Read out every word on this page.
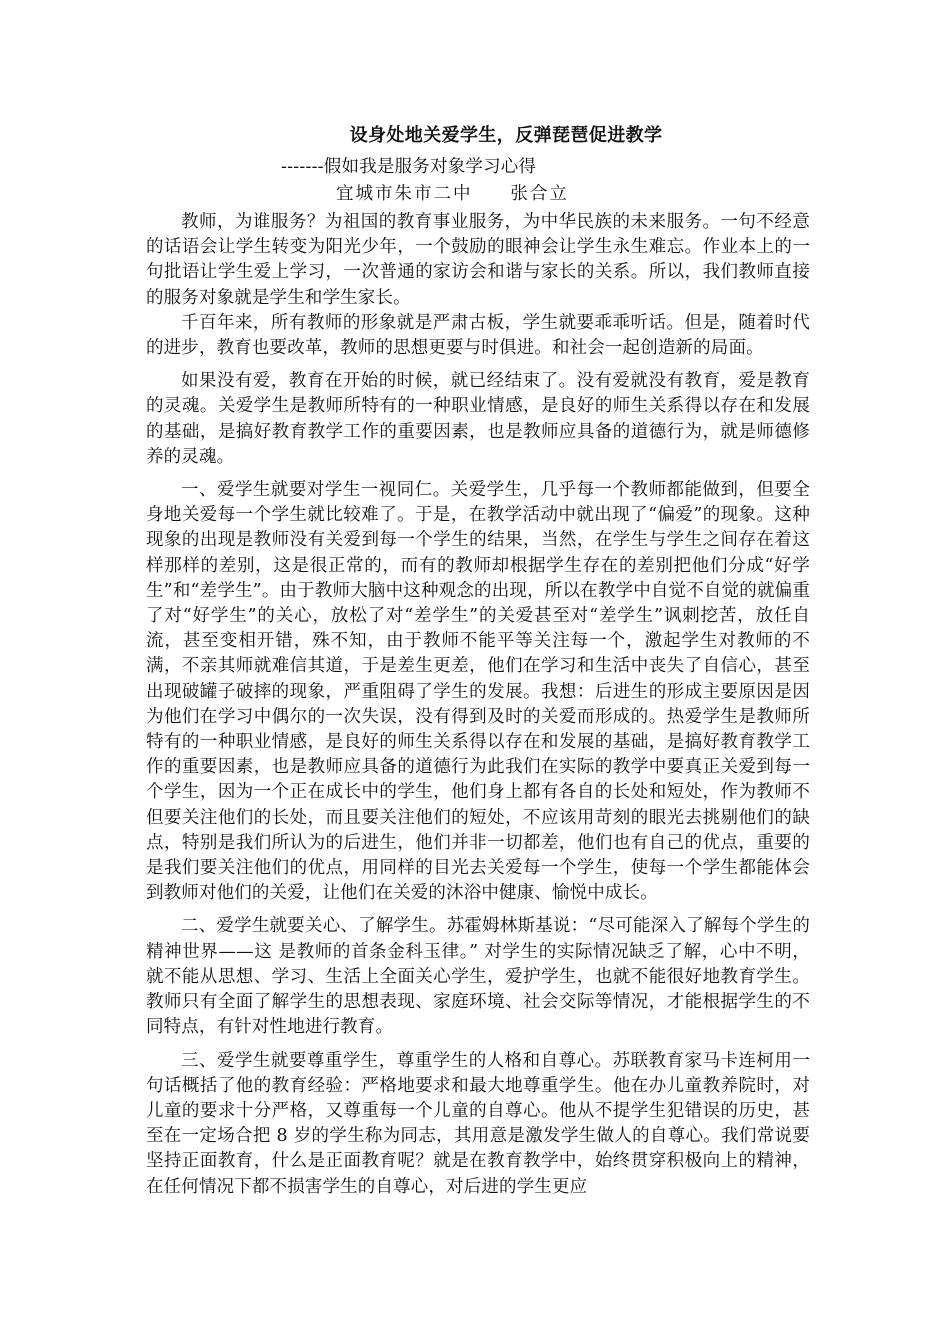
设身处地关爱学生，反弹琵琶促进教学

-------假如我是服务对象学习心得

宜城市朱市二中     张合立

教师，为谁服务？为祖国的教育事业服务，为中华民族的未来服务。一句不经意的话语会让学生转变为阳光少年，一个鼓励的眼神会让学生永生难忘。作业本上的一句批语让学生爱上学习，一次普通的家访会和谐与家长的关系。所以，我们教师直接的服务对象就是学生和学生家长。

千百年来，所有教师的形象就是严肃古板，学生就要乖乖听话。但是，随着时代的进步，教育也要改革，教师的思想更要与时俱进。和社会一起创造新的局面。

如果没有爱，教育在开始的时候，就已经结束了。没有爱就没有教育，爱是教育的灵魂。关爱学生是教师所特有的一种职业情感，是良好的师生关系得以存在和发展的基础，是搞好教育教学工作的重要因素，也是教师应具备的道德行为，就是师德修养的灵魂。

一、爱学生就要对学生一视同仁。关爱学生，几乎每一个教师都能做到，但要全身地关爱每一个学生就比较难了。于是，在教学活动中就出现了“偏爱”的现象。这种现象的出现是教师没有关爱到每一个学生的结果，当然，在学生与学生之间存在着这样那样的差别，这是很正常的，而有的教师却根据学生存在的差别把他们分成“好学生”和“差学生”。由于教师大脑中这种观念的出现，所以在教学中自觉不自觉的就偏重了对“好学生”的关心，放松了对“差学生”的关爱甚至对“差学生”讽刺挖苦，放任自流，甚至变相开错，殊不知，由于教师不能平等关注每一个，激起学生对教师的不满，不亲其师就难信其道，于是差生更差，他们在学习和生活中丧失了自信心，甚至出现破罐子破摔的现象，严重阻碍了学生的发展。我想：后进生的形成主要原因是因为他们在学习中偶尔的一次失误，没有得到及时的关爱而形成的。热爱学生是教师所特有的一种职业情感，是良好的师生关系得以存在和发展的基础，是搞好教育教学工作的重要因素，也是教师应具备的道德行为此我们在实际的教学中要真正关爱到每一个学生，因为一个正在成长中的学生，他们身上都有各自的长处和短处，作为教师不但要关注他们的长处，而且要关注他们的短处，不应该用苛刻的眼光去挑剔他们的缺点，特别是我们所认为的后进生，他们并非一切都差，他们也有自己的优点，重要的是我们要关注他们的优点，用同样的目光去关爱每一个学生，使每一个学生都能体会到教师对他们的关爱，让他们在关爱的沐浴中健康、愉悦中成长。

二、爱学生就要关心、了解学生。苏霍姆林斯基说：“尽可能深入了解每个学生的精神世界——这 是教师的首条金科玉律。” 对学生的实际情况缺乏了解，心中不明，就不能从思想、学习、生活上全面关心学生，爱护学生，也就不能很好地教育学生。教师只有全面了解学生的思想表现、家庭环境、社会交际等情况，才能根据学生的不同特点，有针对性地进行教育。

三、爱学生就要尊重学生，尊重学生的人格和自尊心。苏联教育家马卡连柯用一句话概括了他的教育经验：严格地要求和最大地尊重学生。他在办儿童教养院时，对儿童的要求十分严格，又尊重每一个儿童的自尊心。他从不提学生犯错误的历史，甚至在一定场合把 8 岁的学生称为同志，其用意是激发学生做人的自尊心。我们常说要坚持正面教育，什么是正面教育呢？就是在教育教学中，始终贯穿积极向上的精神，在任何情况下都不损害学生的自尊心，对后进的学生更应
